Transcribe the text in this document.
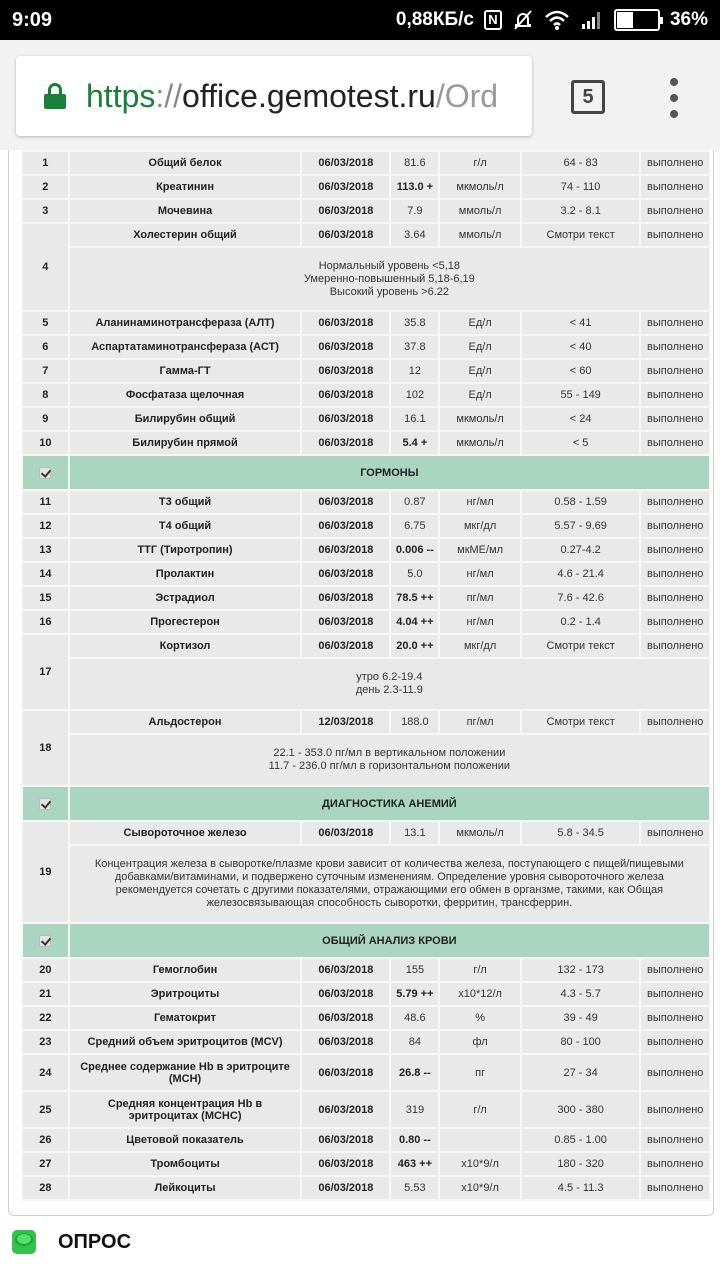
9:09	0,88КБ/с	N	36%
https :// office.gemotest.ru /Ord	5
1	Общий белок	06/03/2018	81.6	г/л	64 - 83	выполнено
2	Креатинин	06/03/2018	113.0 +	мкмоль/л	74 - 110	выполнено
3	Мочевина	06/03/2018	7.9	ммоль/л	3.2 - 8.1	выполнено
4	Холестерин общий	06/03/2018	3.64	ммоль/л	Смотри текст	выполнено

	Нормальный уровень <5,18
Умеренно-повышенный 5,18-6,19
Высокий уровень >6.22					

5	Аланинаминотрансфераза (АЛТ)	06/03/2018	35.8	Ед/л	< 41	выполнено
6	Аспартатаминотрансфераза (АСТ)	06/03/2018	37.8	Ед/л	< 40	выполнено
7	Гамма-ГТ	06/03/2018	12	Ед/л	< 60	выполнено
8	Фосфатаза щелочная	06/03/2018	102	Ед/л	55 - 149	выполнено
9	Билирубин общий	06/03/2018	16.1	мкмоль/л	< 24	выполнено
10	Билирубин прямой	06/03/2018	5.4 +	мкмоль/л	< 5	выполнено
	ГОРМОНЫ					
11	Т3 общий	06/03/2018	0.87	нг/мл	0.58 - 1.59	выполнено
12	Т4 общий	06/03/2018	6.75	мкг/дл	5.57 - 9.69	выполнено
13	ТТГ (Тиротропин)	06/03/2018	0.006 --	мкМЕ/мл	0.27-4.2	выполнено
14	Пролактин	06/03/2018	5.0	нг/мл	4.6 - 21.4	выполнено
15	Эстрадиол	06/03/2018	78.5 ++	пг/мл	7.6 - 42.6	выполнено
16	Прогестерон	06/03/2018	4.04 ++	нг/мл	0.2 - 1.4	выполнено
17	Кортизол	06/03/2018	20.0 ++	мкг/дл	Смотри текст	выполнено

	утро 6.2-19.4
день 2.3-11.9					

18	Альдостерон	12/03/2018	188.0	пг/мл	Смотри текст	выполнено

	22.1 - 353.0 пг/мл в вертикальном положении
11.7 - 236.0 пг/мл в горизонтальном положении					

	ДИАГНОСТИКА АНЕМИЙ					
19	Сывороточное железо	06/03/2018	13.1	мкмоль/л	5.8 - 34.5	выполнено

	Концентрация железа в сыворотке/плазме крови зависит от количества железа, поступающего с пищей/пищевыми добавками/витаминами, и подвержено суточным изменениям. Определение уровня сывороточного железа рекомендуется сочетать с другими показателями, отражающими его обмен в органзме, такими, как Общая железосвязывающая способность сыворотки, ферритин, трансферрин.					

	ОБЩИЙ АНАЛИЗ КРОВИ					
20	Гемоглобин	06/03/2018	155	г/л	132 - 173	выполнено
21	Эритроциты	06/03/2018	5.79 ++	x10*12/л	4.3 - 5.7	выполнено
22	Гематокрит	06/03/2018	48.6	%	39 - 49	выполнено
23	Средний объем эритроцитов (MCV)	06/03/2018	84	фл	80 - 100	выполнено
24	Среднее содержание Hb в эритроците (MCH)	06/03/2018	26.8 --	пг	27 - 34	выполнено
25	Средняя концентрация Hb в эритроцитах (MCHC)	06/03/2018	319	г/л	300 - 380	выполнено
26	Цветовой показатель	06/03/2018	0.80 --		0.85 - 1.00	выполнено
27	Тромбоциты	06/03/2018	463 ++	x10*9/л	180 - 320	выполнено
28	Лейкоциты	06/03/2018	5.53	x10*9/л	4.5 - 11.3	выполнено
ОПРОС
